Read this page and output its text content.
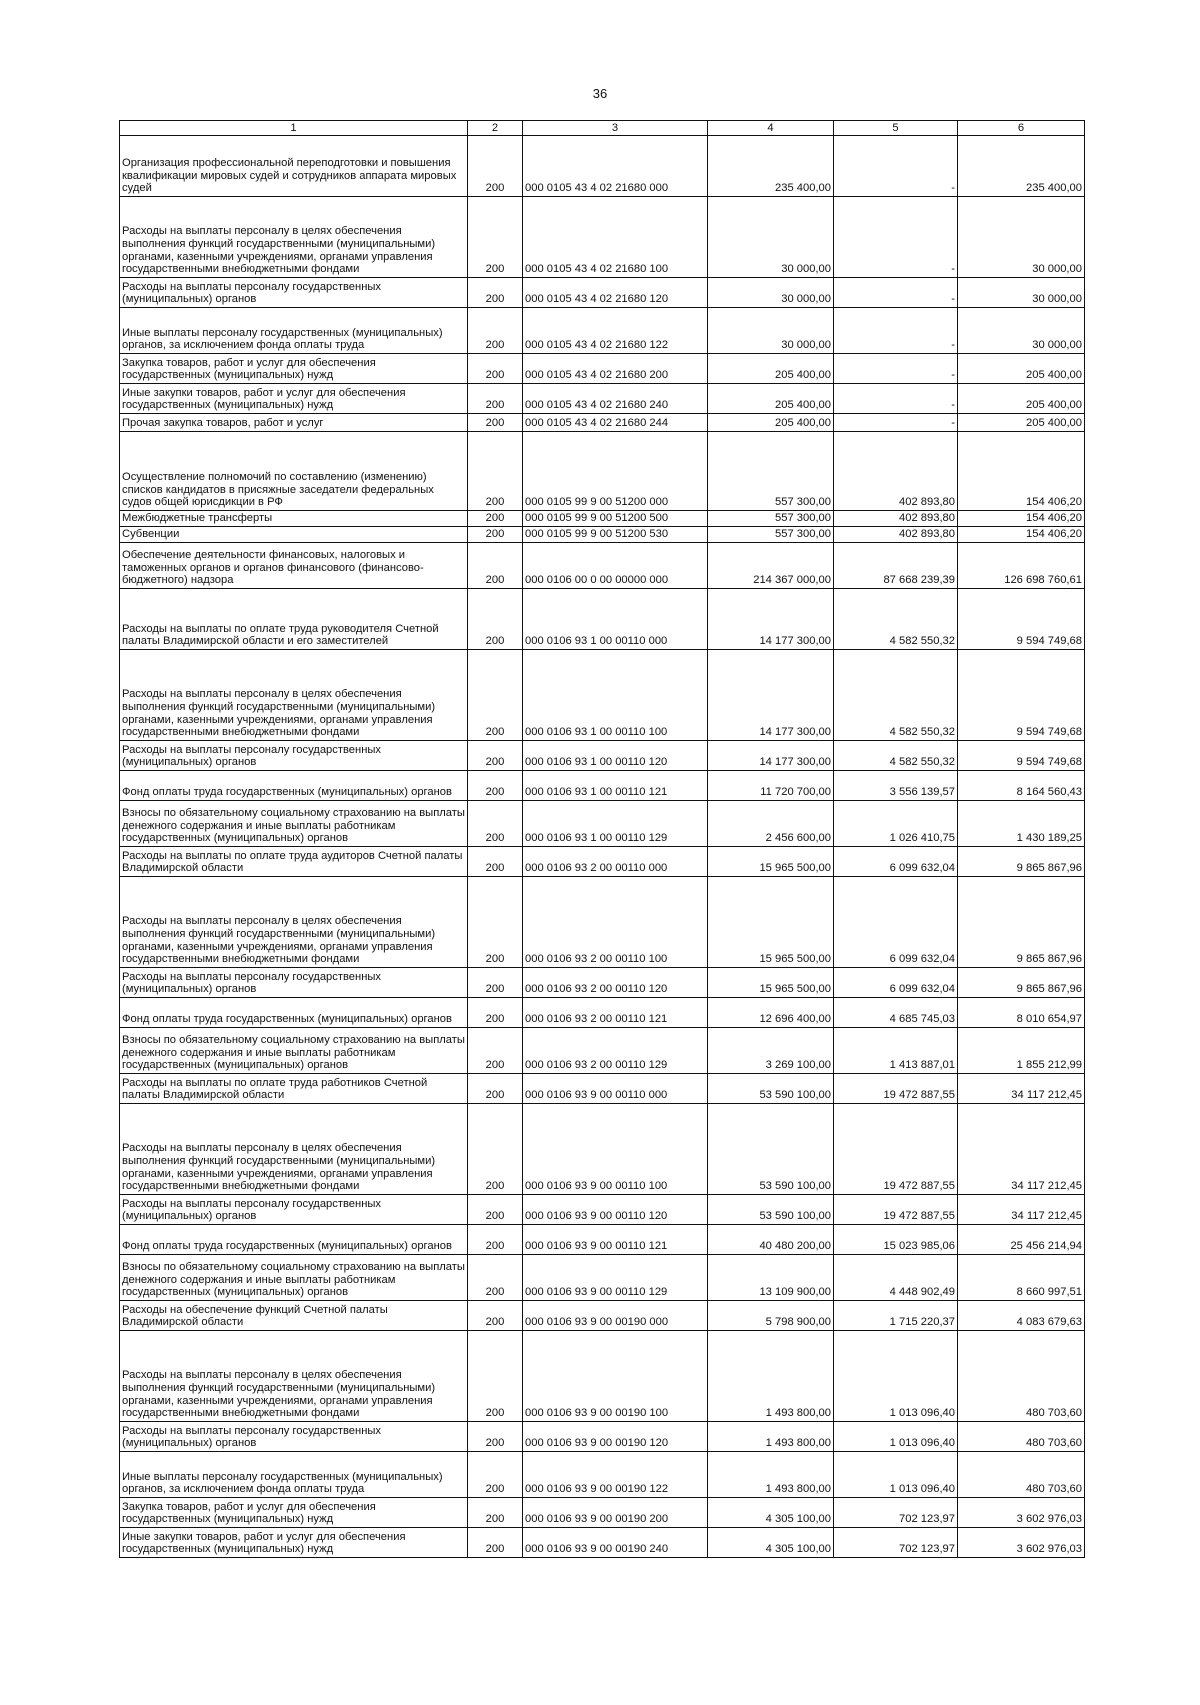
36
1	2	3	4	5	6
Организация профессиональной переподготовки и повышения квалификации мировых судей и сотрудников аппарата мировых судей	200	000 0105 43 4 02 21680 000	235 400,00	-	235 400,00
Расходы на выплаты персоналу в целях обеспечения выполнения функций государственными (муниципальными) органами, казенными учреждениями, органами управления государственными внебюджетными фондами	200	000 0105 43 4 02 21680 100	30 000,00	-	30 000,00
Расходы на выплаты персоналу государственных (муниципальных) органов	200	000 0105 43 4 02 21680 120	30 000,00	-	30 000,00
Иные выплаты персоналу государственных (муниципальных) органов, за исключением фонда оплаты труда	200	000 0105 43 4 02 21680 122	30 000,00	-	30 000,00
Закупка товаров, работ и услуг для обеспечения государственных (муниципальных) нужд	200	000 0105 43 4 02 21680 200	205 400,00	-	205 400,00
Иные закупки товаров, работ и услуг для обеспечения государственных (муниципальных) нужд	200	000 0105 43 4 02 21680 240	205 400,00	-	205 400,00
Прочая закупка товаров, работ и услуг	200	000 0105 43 4 02 21680 244	205 400,00	-	205 400,00
Осуществление полномочий по составлению (изменению) списков кандидатов в присяжные заседатели федеральных судов общей юрисдикции в РФ	200	000 0105 99 9 00 51200 000	557 300,00	402 893,80	154 406,20
Межбюджетные трансферты	200	000 0105 99 9 00 51200 500	557 300,00	402 893,80	154 406,20
Субвенции	200	000 0105 99 9 00 51200 530	557 300,00	402 893,80	154 406,20
Обеспечение деятельности финансовых, налоговых и таможенных органов и органов финансового (финансово-бюджетного) надзора	200	000 0106 00 0 00 00000 000	214 367 000,00	87 668 239,39	126 698 760,61
Расходы на выплаты по оплате труда руководителя Счетной палаты Владимирской области и его заместителей	200	000 0106 93 1 00 00110 000	14 177 300,00	4 582 550,32	9 594 749,68
Расходы на выплаты персоналу в целях обеспечения выполнения функций государственными (муниципальными) органами, казенными учреждениями, органами управления государственными внебюджетными фондами	200	000 0106 93 1 00 00110 100	14 177 300,00	4 582 550,32	9 594 749,68
Расходы на выплаты персоналу государственных (муниципальных) органов	200	000 0106 93 1 00 00110 120	14 177 300,00	4 582 550,32	9 594 749,68
Фонд оплаты труда государственных (муниципальных) органов	200	000 0106 93 1 00 00110 121	11 720 700,00	3 556 139,57	8 164 560,43
Взносы по обязательному социальному страхованию на выплаты денежного содержания и иные выплаты работникам государственных (муниципальных) органов	200	000 0106 93 1 00 00110 129	2 456 600,00	1 026 410,75	1 430 189,25
Расходы на выплаты по оплате труда аудиторов Счетной палаты Владимирской области	200	000 0106 93 2 00 00110 000	15 965 500,00	6 099 632,04	9 865 867,96
Расходы на выплаты персоналу в целях обеспечения выполнения функций государственными (муниципальными) органами, казенными учреждениями, органами управления государственными внебюджетными фондами	200	000 0106 93 2 00 00110 100	15 965 500,00	6 099 632,04	9 865 867,96
Расходы на выплаты персоналу государственных (муниципальных) органов	200	000 0106 93 2 00 00110 120	15 965 500,00	6 099 632,04	9 865 867,96
Фонд оплаты труда государственных (муниципальных) органов	200	000 0106 93 2 00 00110 121	12 696 400,00	4 685 745,03	8 010 654,97
Взносы по обязательному социальному страхованию на выплаты денежного содержания и иные выплаты работникам государственных (муниципальных) органов	200	000 0106 93 2 00 00110 129	3 269 100,00	1 413 887,01	1 855 212,99
Расходы на выплаты по оплате труда работников Счетной палаты Владимирской области	200	000 0106 93 9 00 00110 000	53 590 100,00	19 472 887,55	34 117 212,45
Расходы на выплаты персоналу в целях обеспечения выполнения функций государственными (муниципальными) органами, казенными учреждениями, органами управления государственными внебюджетными фондами	200	000 0106 93 9 00 00110 100	53 590 100,00	19 472 887,55	34 117 212,45
Расходы на выплаты персоналу государственных (муниципальных) органов	200	000 0106 93 9 00 00110 120	53 590 100,00	19 472 887,55	34 117 212,45
Фонд оплаты труда государственных (муниципальных) органов	200	000 0106 93 9 00 00110 121	40 480 200,00	15 023 985,06	25 456 214,94
Взносы по обязательному социальному страхованию на выплаты денежного содержания и иные выплаты работникам государственных (муниципальных) органов	200	000 0106 93 9 00 00110 129	13 109 900,00	4 448 902,49	8 660 997,51
Расходы на обеспечение функций Счетной палаты Владимирской области	200	000 0106 93 9 00 00190 000	5 798 900,00	1 715 220,37	4 083 679,63
Расходы на выплаты персоналу в целях обеспечения выполнения функций государственными (муниципальными) органами, казенными учреждениями, органами управления государственными внебюджетными фондами	200	000 0106 93 9 00 00190 100	1 493 800,00	1 013 096,40	480 703,60
Расходы на выплаты персоналу государственных (муниципальных) органов	200	000 0106 93 9 00 00190 120	1 493 800,00	1 013 096,40	480 703,60
Иные выплаты персоналу государственных (муниципальных) органов, за исключением фонда оплаты труда	200	000 0106 93 9 00 00190 122	1 493 800,00	1 013 096,40	480 703,60
Закупка товаров, работ и услуг для обеспечения государственных (муниципальных) нужд	200	000 0106 93 9 00 00190 200	4 305 100,00	702 123,97	3 602 976,03
Иные закупки товаров, работ и услуг для обеспечения государственных (муниципальных) нужд	200	000 0106 93 9 00 00190 240	4 305 100,00	702 123,97	3 602 976,03
